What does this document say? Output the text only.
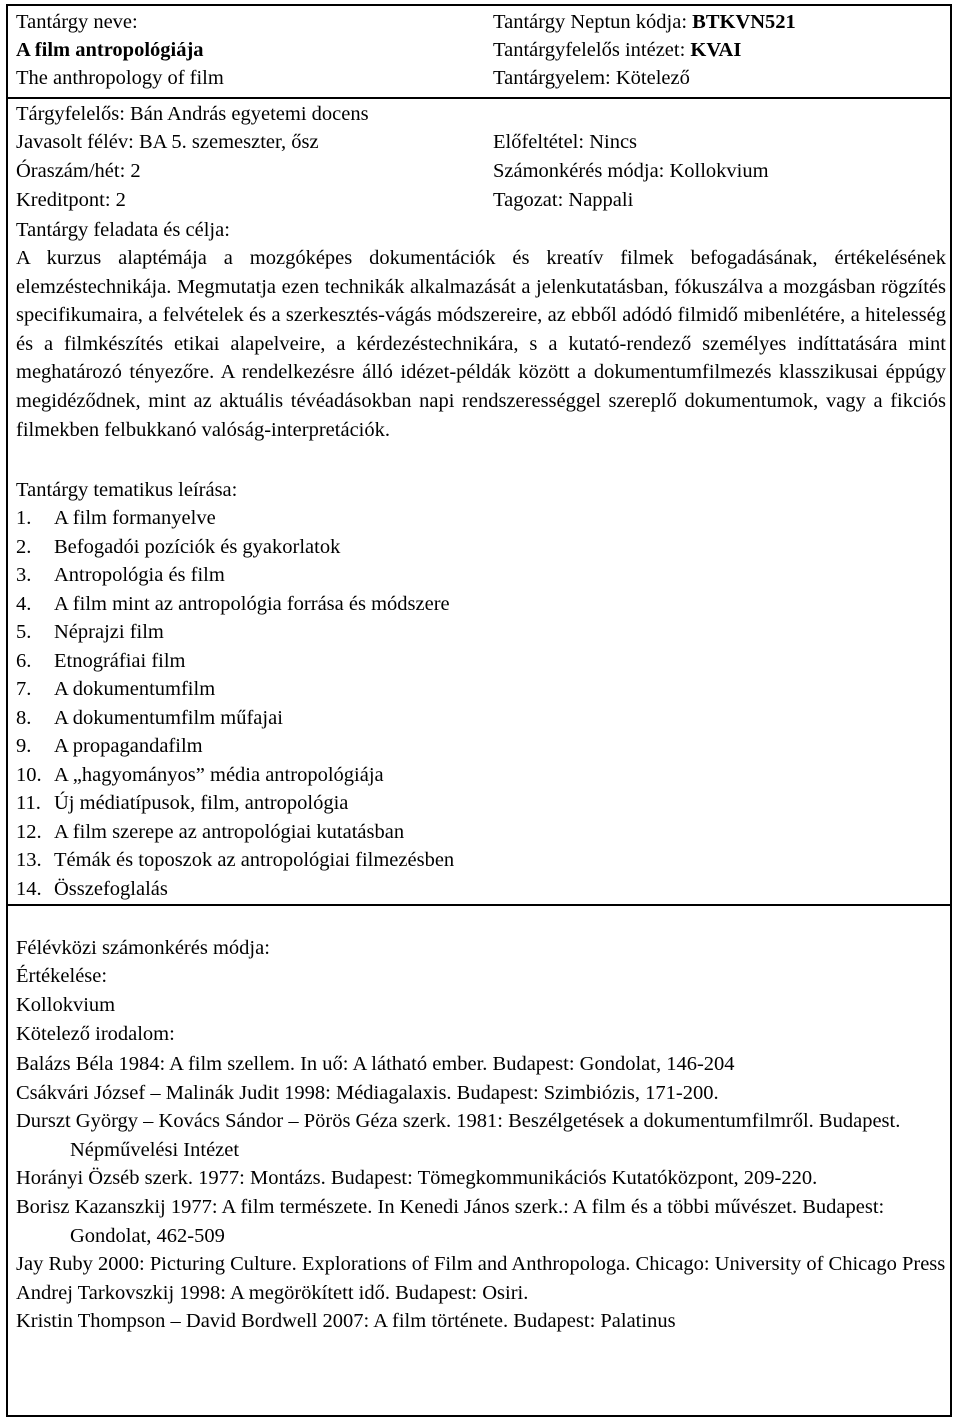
Tantárgy neve:
A film antropológiája
The anthropology of film
Tárgyfelelős: Bán András egyetemi docens
Javasolt félév: BA 5. szemeszter, ősz
Óraszám/hét: 2
Kreditpont: 2
Tantárgy Neptun kódja: BTKVN521
Tantárgyfelelős intézet: KVAI
Tantárgyelem: Kötelező
Előfeltétel: Nincs
Számonkérés módja: Kollokvium
Tagozat: Nappali
Tantárgy feladata és célja:
A kurzus alaptémája a mozgóképes dokumentációk és kreatív filmek befogadásának, értékelésének elemzéstechnikája. Megmutatja ezen technikák alkalmazását a jelenkutatásban, fókuszálva a mozgásban rögzítés specifikumaira, a felvételek és a szerkesztés-vágás módszereire, az ebből adódó filmidő mibenlétére, a hitelesség és a filmkészítés etikai alapelveire, a kérdezéstechnikára, s a kutató-rendező személyes indíttatására mint meghatározó tényezőre. A rendelkezésre álló idézet-példák között a dokumentumfilmezés klasszikusai éppúgy megidéződnek, mint az aktuális tévéadásokban napi rendszerességgel szereplő dokumentumok, vagy a fikciós filmekben felbukkanó valóság-interpretációk.
Tantárgy tematikus leírása:
1. A film formanyelve
2. Befogadói pozíciók és gyakorlatok
3. Antropológia és film
4. A film mint az antropológia forrása és módszere
5. Néprajzi film
6. Etnográfiai film
7. A dokumentumfilm
8. A dokumentumfilm műfajai
9. A propagandafilm
10. A „hagyományos” média antropológiája
11. Új médiatípusok, film, antropológia
12. A film szerepe az antropológiai kutatásban
13. Témák és toposzok az antropológiai filmezésben
14. Összefoglalás
Félévközi számonkérés módja:
Értékelése:
Kollokvium
Kötelező irodalom:
Balázs Béla 1984: A film szellem. In uő: A látható ember. Budapest: Gondolat, 146-204
Csákvári József – Malinák Judit 1998: Médiagalaxis. Budapest: Szimbiózis, 171-200.
Durszt György – Kovács Sándor – Pörös Géza szerk. 1981: Beszélgetések a dokumentumfilmről. Budapest. Népművelési Intézet
Horányi Özséb szerk. 1977: Montázs. Budapest: Tömegkommunikációs Kutatóközpont, 209-220.
Borisz Kazanszkij 1977: A film természete. In Kenedi János szerk.: A film és a többi művészet. Budapest: Gondolat, 462-509
Jay Ruby 2000: Picturing Culture. Explorations of Film and Anthropologa. Chicago: University of Chicago Press
Andrej Tarkovszkij 1998: A megörökített idő. Budapest: Osiri.
Kristin Thompson – David Bordwell 2007: A film története. Budapest: Palatinus
